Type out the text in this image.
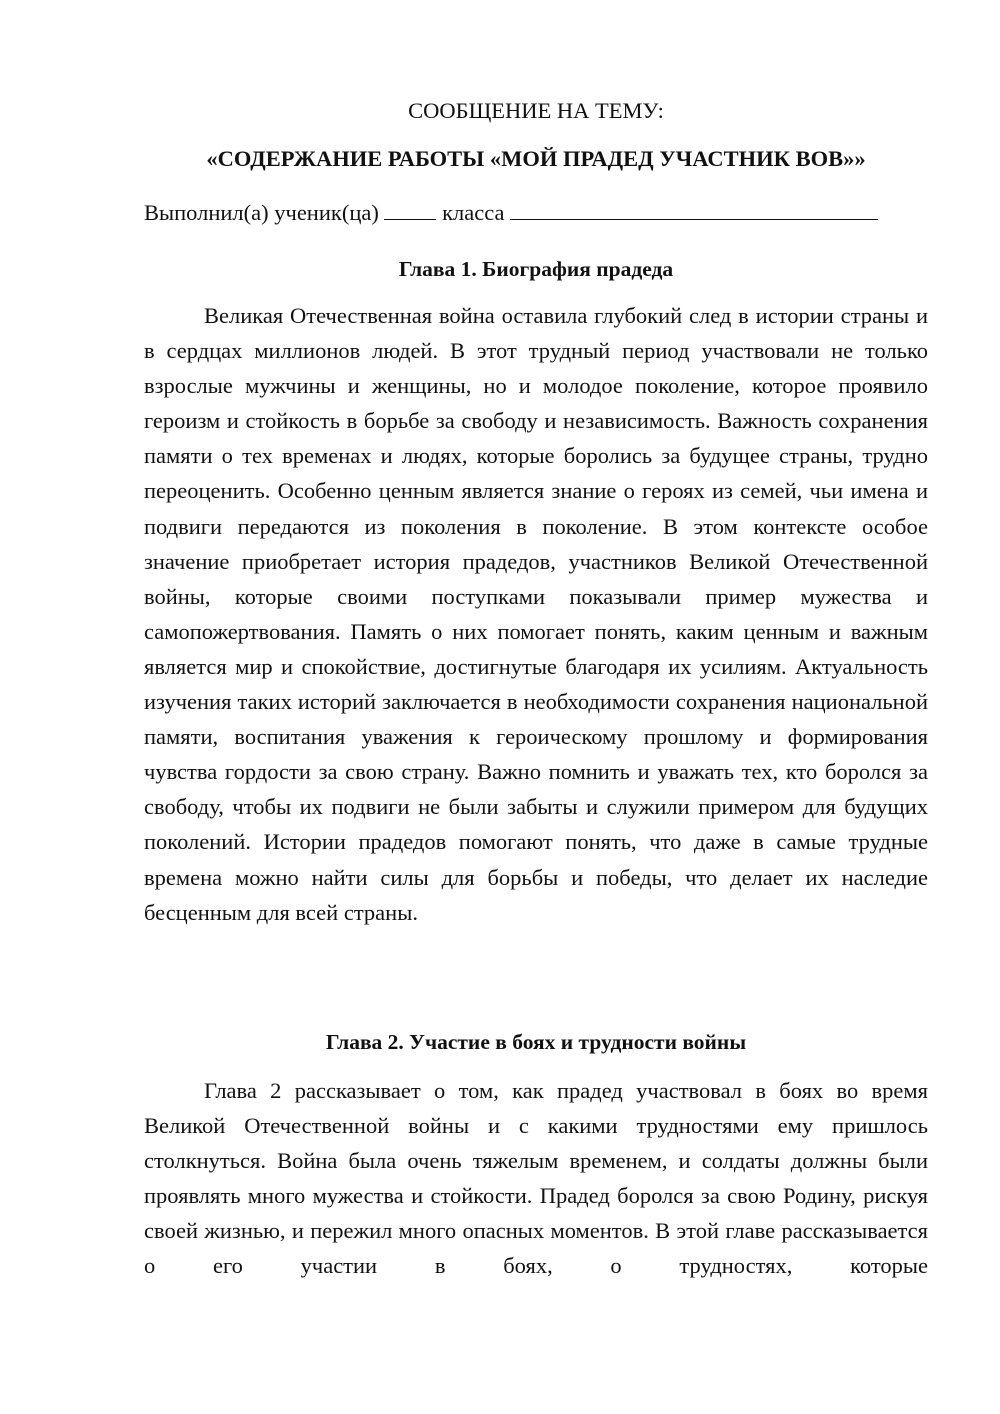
СООБЩЕНИЕ НА ТЕМУ:
«СОДЕРЖАНИЕ РАБОТЫ «МОЙ ПРАДЕД УЧАСТНИК ВОВ»»
Выполнил(а) ученик(ца)	класса
Глава 1. Биография прадеда

Великая Отечественная война оставила глубокий след в истории страны и в сердцах миллионов людей. В этот трудный период участвовали не только взрослые мужчины и женщины, но и молодое поколение, которое проявило героизм и стойкость в борьбе за свободу и независимость. Важность сохранения памяти о тех временах и людях, которые боролись за будущее страны, трудно переоценить. Особенно ценным является знание о героях из семей, чьи имена и подвиги передаются из поколения в поколение. В этом контексте особое значение приобретает история прадедов, участников Великой Отечественной войны, которые своими поступками показывали пример мужества и самопожертвования. Память о них помогает понять, каким ценным и важным является мир и спокойствие, достигнутые благодаря их усилиям. Актуальность изучения таких историй заключается в необходимости сохранения национальной памяти, воспитания уважения к героическому прошлому и формирования чувства гордости за свою страну. Важно помнить и уважать тех, кто боролся за свободу, чтобы их подвиги не были забыты и служили примером для будущих поколений. Истории прадедов помогают понять, что даже в самые трудные времена можно найти силы для борьбы и победы, что делает их наследие бесценным для всей страны.

Глава 2. Участие в боях и трудности войны

Глава 2 рассказывает о том, как прадед участвовал в боях во время Великой Отечественной войны и с какими трудностями ему пришлось столкнуться. Война была очень тяжелым временем, и солдаты должны были проявлять много мужества и стойкости. Прадед боролся за свою Родину, рискуя своей жизнью, и пережил много опасных моментов. В этой главе рассказывается о его участии в боях, о трудностях, которые
